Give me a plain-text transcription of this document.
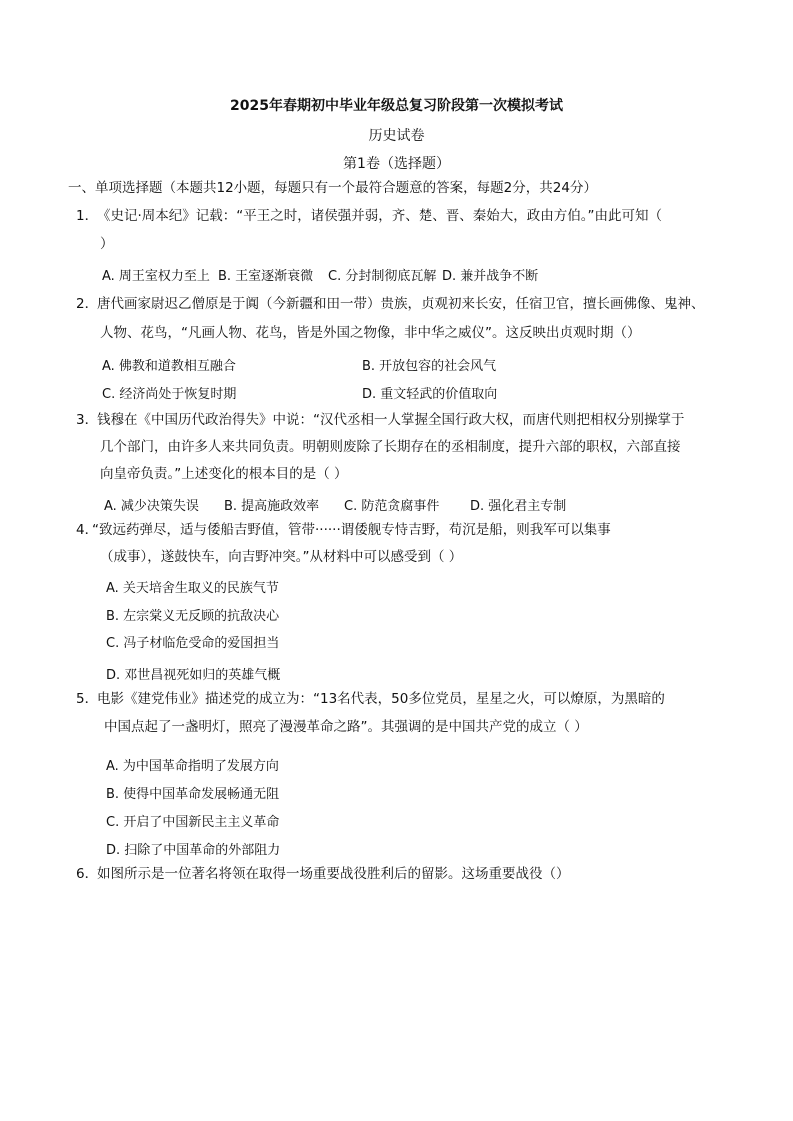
2025年春期初中毕业年级总复习阶段第一次模拟考试
历史试卷
第1卷（选择题）
一、单项选择题（本题共12小题，每题只有一个最符合题意的答案，每题2分，共24分）
1．
《史记·周本纪》记载：“平王之时，诸侯强并弱，齐、楚、晋、秦始大，政由方伯。”由此可知（
）
A. 周王室权力至上 B. 王室逐渐衰微 C. 分封制彻底瓦解 D. 兼并战争不断
2．
唐代画家尉迟乙僧原是于阗（今新疆和田一带）贵族，贞观初来长安，任宿卫官，擅长画佛像、鬼神、
人物、花鸟，“凡画人物、花鸟，皆是外国之物像，非中华之威仪”。这反映出贞观时期（）
A. 佛教和道教相互融合	B. 开放包容的社会风气
C. 经济尚处于恢复时期	D. 重文轻武的价值取向
3．
钱穆在《中国历代政治得失》中说：“汉代丞相一人掌握全国行政大权，而唐代则把相权分别操掌于
几个部门，由许多人来共同负责。明朝则废除了长期存在的丞相制度，提升六部的职权，六部直接
向皇帝负责。”上述变化的根本目的是（ ）
A. 减少决策失误 B. 提高施政效率 C. 防范贪腐事件 D. 强化君主专制
4．
“致远药弹尽，适与倭船吉野值，管带······谓倭舰专恃吉野，苟沉是船，则我军可以集事
（成事），遂鼓快车，向吉野冲突。”从材料中可以感受到（ ）
A. 关天培舍生取义的民族气节
B. 左宗棠义无反顾的抗敌决心
C. 冯子材临危受命的爱国担当
D. 邓世昌视死如归的英雄气概
5．
电影《建党伟业》描述党的成立为：“13名代表，50多位党员，星星之火，可以燎原，为黑暗的
中国点起了一盏明灯，照亮了漫漫革命之路”。其强调的是中国共产党的成立（ ）
A. 为中国革命指明了发展方向
B. 使得中国革命发展畅通无阻
C. 开启了中国新民主主义革命
D. 扫除了中国革命的外部阻力
6．
如图所示是一位著名将领在取得一场重要战役胜利后的留影。这场重要战役（）
